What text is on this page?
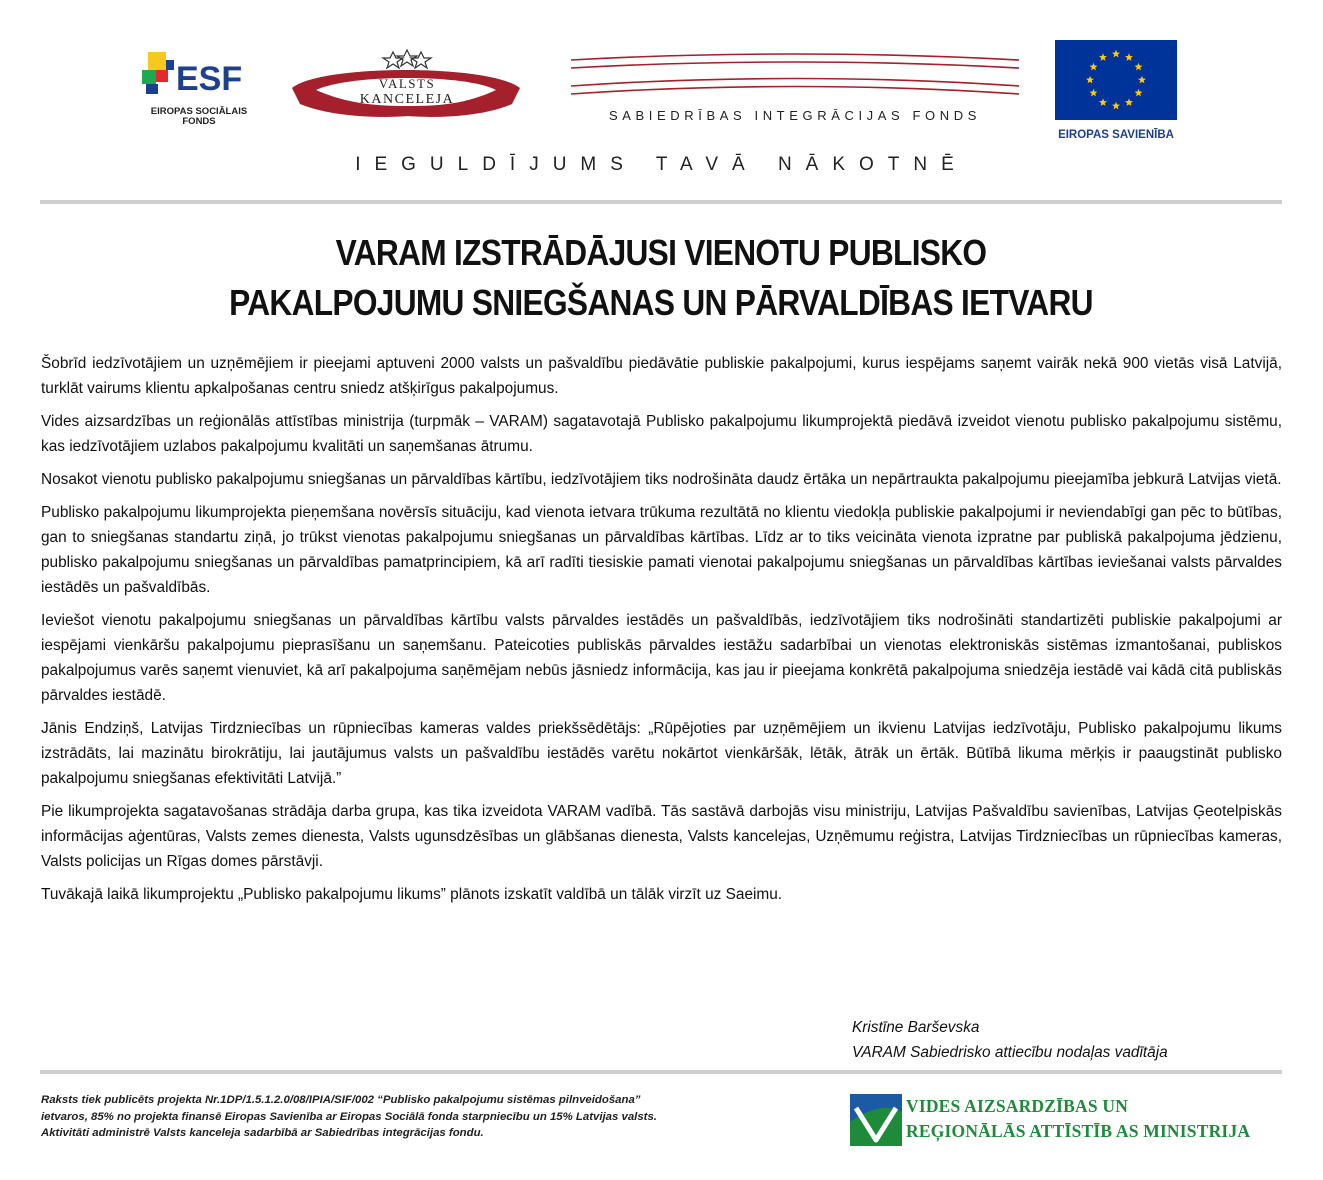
ESF
EIROPAS SOCIĀLAIS
FONDS
VALSTS
KANCELEJA
SABIEDRĪBAS INTEGRĀCIJAS FONDS
EIROPAS SAVIENĪBA
IEGULDĪJUMS TAVĀ NĀKOTNĒ
VARAM IZSTRĀDĀJUSI VIENOTU PUBLISKO
PAKALPOJUMU SNIEGŠANAS UN PĀRVALDĪBAS IETVARU

Šobrīd iedzīvotājiem un uzņēmējiem ir pieejami aptuveni 2000 valsts un pašvaldību piedāvātie publiskie pakalpojumi, kurus iespējams saņemt vairāk nekā 900 vietās visā Latvijā, turklāt vairums klientu apkalpošanas centru sniedz atšķirīgus pakalpojumus.

Vides aizsardzības un reģionālās attīstības ministrija (turpmāk – VARAM) sagatavotajā Publisko pakalpojumu likumprojektā piedāvā izveidot vienotu publisko pakalpojumu sistēmu, kas iedzīvotājiem uzlabos pakalpojumu kvalitāti un saņemšanas ātrumu.

Nosakot vienotu publisko pakalpojumu sniegšanas un pārvaldības kārtību, iedzīvotājiem tiks nodrošināta daudz ērtāka un nepārtraukta pakalpojumu pieejamība jebkurā Latvijas vietā.

Publisko pakalpojumu likumprojekta pieņemšana novērsīs situāciju, kad vienota ietvara trūkuma rezultātā no klientu viedokļa publiskie pakalpojumi ir neviendabīgi gan pēc to būtības, gan to sniegšanas standartu ziņā, jo trūkst vienotas pakalpojumu sniegšanas un pārvaldības kārtības. Līdz ar to tiks veicināta vienota izpratne par publiskā pakalpojuma jēdzienu, publisko pakalpojumu sniegšanas un pārvaldības pamatprincipiem, kā arī radīti tiesiskie pamati vienotai pakalpojumu sniegšanas un pārvaldības kārtības ieviešanai valsts pārvaldes iestādēs un pašvaldībās.

Ieviešot vienotu pakalpojumu sniegšanas un pārvaldības kārtību valsts pārvaldes iestādēs un pašvaldībās, iedzīvotājiem tiks nodrošināti standartizēti publiskie pakalpojumi ar iespējami vienkāršu pakalpojumu pieprasīšanu un saņemšanu. Pateicoties publiskās pārvaldes iestāžu sadarbībai un vienotas elektroniskās sistēmas izmantošanai, publiskos pakalpojumus varēs saņemt vienuviet, kā arī pakalpojuma saņēmējam nebūs jāsniedz informācija, kas jau ir pieejama konkrētā pakalpojuma sniedzēja iestādē vai kādā citā publiskās pārvaldes iestādē.

Jānis Endziņš, Latvijas Tirdzniecības un rūpniecības kameras valdes priekšsēdētājs: „Rūpējoties par uzņēmējiem un ikvienu Latvijas iedzīvotāju, Publisko pakalpojumu likums izstrādāts, lai mazinātu birokrātiju, lai jautājumus valsts un pašvaldību iestādēs varētu nokārtot vienkāršāk, lētāk, ātrāk un ērtāk. Būtībā likuma mērķis ir paaugstināt publisko pakalpojumu sniegšanas efektivitāti Latvijā.”

Pie likumprojekta sagatavošanas strādāja darba grupa, kas tika izveidota VARAM vadībā. Tās sastāvā darbojās visu ministriju, Latvijas Pašvaldību savienības, Latvijas Ģeotelpiskās informācijas aģentūras, Valsts zemes dienesta, Valsts ugunsdzēsības un glābšanas dienesta, Valsts kancelejas, Uzņēmumu reģistra, Latvijas Tirdzniecības un rūpniecības kameras, Valsts policijas un Rīgas domes pārstāvji.

Tuvākajā laikā likumprojektu „Publisko pakalpojumu likums” plānots izskatīt valdībā un tālāk virzīt uz Saeimu.

Kristīne Barševska
VARAM Sabiedrisko attiecību nodaļas vadītāja
Raksts tiek publicēts projekta Nr.1DP/1.5.1.2.0/08/IPIA/SIF/002 “Publisko pakalpojumu sistēmas pilnveidošana”
ietvaros, 85% no projekta finansē Eiropas Savienība ar Eiropas Sociālā fonda starpniecību un 15% Latvijas valsts.
Aktivitāti administrē Valsts kanceleja sadarbībā ar Sabiedrības integrācijas fondu.
VIDES AIZSARDZĪBAS UN
REĢIONĀLĀS ATTĪSTĪB AS MINISTRIJA
